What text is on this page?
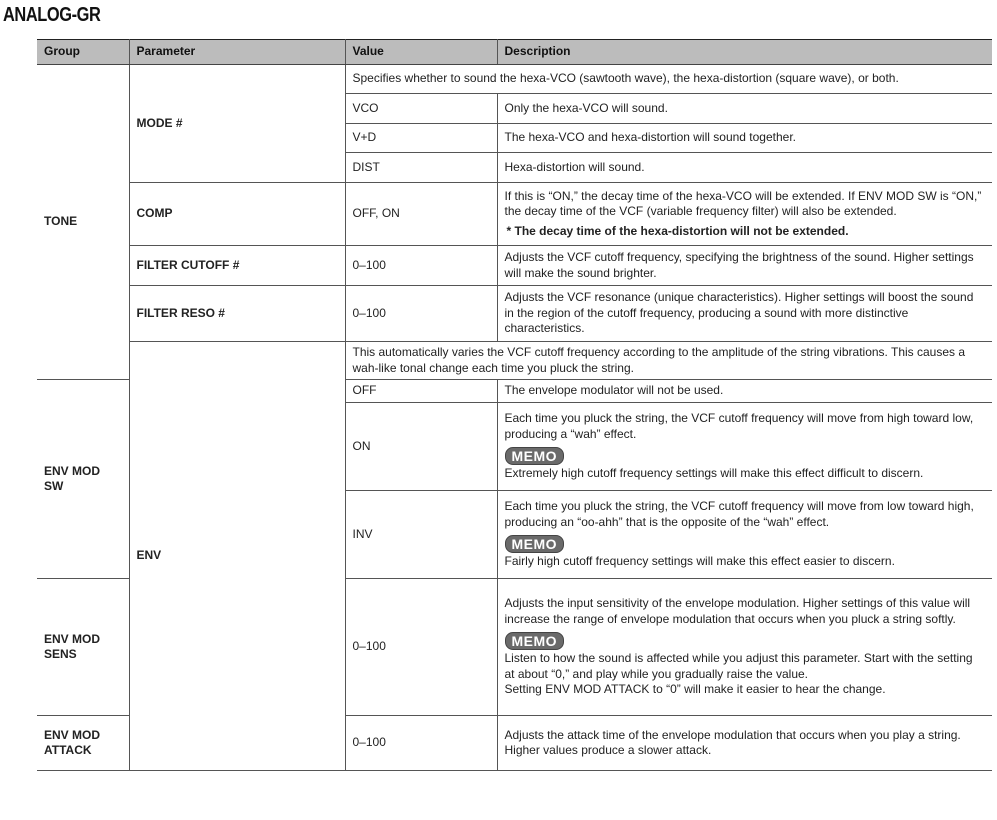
ANALOG-GR
Group	Parameter	Value	Description
TONE	MODE #	Specifies whether to sound the hexa-VCO (sawtooth wave), the hexa-distortion (square wave), or both.	
		VCO	Only the hexa-VCO will sound.
		V+D	The hexa-VCO and hexa-distortion will sound together.
		DIST	Hexa-distortion will sound.
	COMP	OFF, ON	If this is “ON,” the decay time of the hexa-VCO will be extended. If ENV MOD SW is “ON,” the decay time of the VCF (variable frequency filter) will also be extended.
* The decay time of the hexa-distortion will not be extended.

	FILTER CUTOFF #	0–100	Adjusts the VCF cutoff frequency, specifying the brightness of the sound. Higher settings will make the sound brighter.
	FILTER RESO #	0–100	Adjusts the VCF resonance (unique characteristics). Higher settings will boost the sound in the region of the cutoff frequency, producing a sound with more distinctive characteristics.
	ENV	This automatically varies the VCF cutoff frequency according to the amplitude of the string vibrations. This causes a wah-like tonal change each time you pluck the string.	
ENV MOD SW		OFF	The envelope modulator will not be used.
		ON	Each time you pluck the string, the VCF cutoff frequency will move from high toward low, producing a “wah” effect.
MEMO
Extremely high cutoff frequency settings will make this effect difficult to discern.

		INV	Each time you pluck the string, the VCF cutoff frequency will move from low toward high, producing an “oo-ahh” that is the opposite of the “wah” effect.
MEMO
Fairly high cutoff frequency settings will make this effect easier to discern.

ENV MOD SENS		0–100	Adjusts the input sensitivity of the envelope modulation. Higher settings of this value will increase the range of envelope modulation that occurs when you pluck a string softly.
MEMO
Listen to how the sound is affected while you adjust this parameter. Start with the setting at about “0,” and play while you gradually raise the value.
Setting ENV MOD ATTACK to “0” will make it easier to hear the change.

ENV MOD ATTACK		0–100	Adjusts the attack time of the envelope modulation that occurs when you play a string.
Higher values produce a slower attack.
